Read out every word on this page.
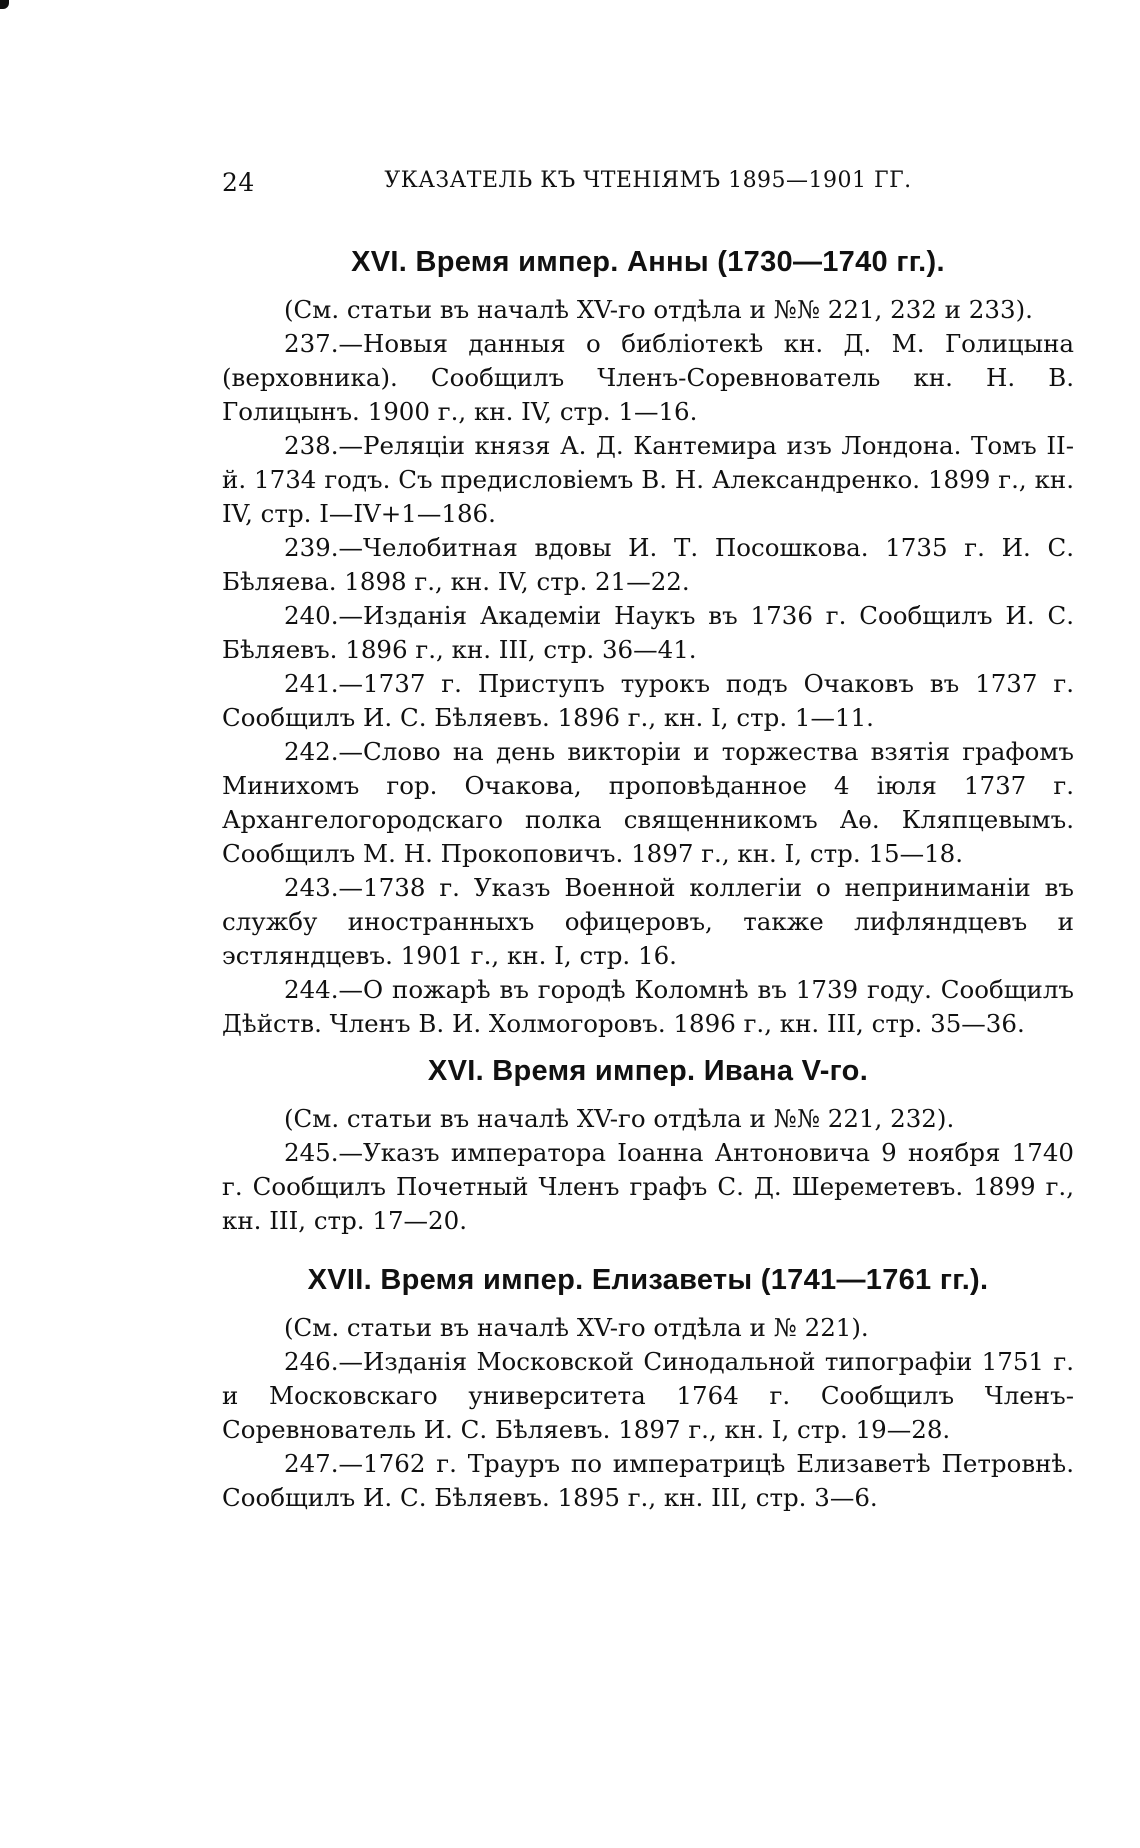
24	УКАЗАТЕЛЬ КЪ ЧТЕНІЯМЪ 1895—1901 ГГ.
XVI. Время импер. Анны (1730—1740 гг.).

(См. статьи въ началѣ XV-го отдѣла и №№ 221, 232 и 233).

237.—Новыя данныя о библіотекѣ кн. Д. М. Голицына (верховника). Сообщилъ Членъ-Соревнователь кн. Н. В. Голицынъ. 1900 г., кн. IV, стр. 1—16.

238.—Реляціи князя А. Д. Кантемира изъ Лондона. Томъ II-й. 1734 годъ. Съ предисловіемъ В. Н. Александренко. 1899 г., кн. IV, стр. I—IV+1—186.

239.—Челобитная вдовы И. Т. Посошкова. 1735 г. И. С. Бѣляева. 1898 г., кн. IV, стр. 21—22.

240.—Изданія Академіи Наукъ въ 1736 г. Сообщилъ И. С. Бѣляевъ. 1896 г., кн. III, стр. 36—41.

241.—1737 г. Приступъ турокъ подъ Очаковъ въ 1737 г. Сообщилъ И. С. Бѣляевъ. 1896 г., кн. I, стр. 1—11.

242.—Слово на день викторіи и торжества взятія графомъ Минихомъ гор. Очакова, проповѣданное 4 іюля 1737 г. Архангелогородскаго полка священникомъ Аѳ. Кляпцевымъ. Сообщилъ М. Н. Прокоповичъ. 1897 г., кн. I, стр. 15—18.

243.—1738 г. Указъ Военной коллегіи о непринимaніи въ службу иностранныхъ офицеровъ, также лифляндцевъ и эстляндцевъ. 1901 г., кн. I, стр. 16.

244.—О пожарѣ въ городѣ Коломнѣ въ 1739 году. Сообщилъ Дѣйств. Членъ В. И. Холмогоровъ. 1896 г., кн. III, стр. 35—36.

XVI. Время импер. Ивана V-го.

(См. статьи въ началѣ XV-го отдѣла и №№ 221, 232).

245.—Указъ императора Іоанна Антоновича 9 ноября 1740 г. Сообщилъ Почетный Членъ графъ С. Д. Шереметевъ. 1899 г., кн. III, стр. 17—20.

XVII. Время импер. Елизаветы (1741—1761 гг.).

(См. статьи въ началѣ XV-го отдѣла и № 221).

246.—Изданія Московской Синодальной типографіи 1751 г. и Московскаго университета 1764 г. Сообщилъ Членъ-Соревнователь И. С. Бѣляевъ. 1897 г., кн. I, стр. 19—28.

247.—1762 г. Трауръ по императрицѣ Елизаветѣ Петровнѣ. Сообщилъ И. С. Бѣляевъ. 1895 г., кн. III, стр. 3—6.
